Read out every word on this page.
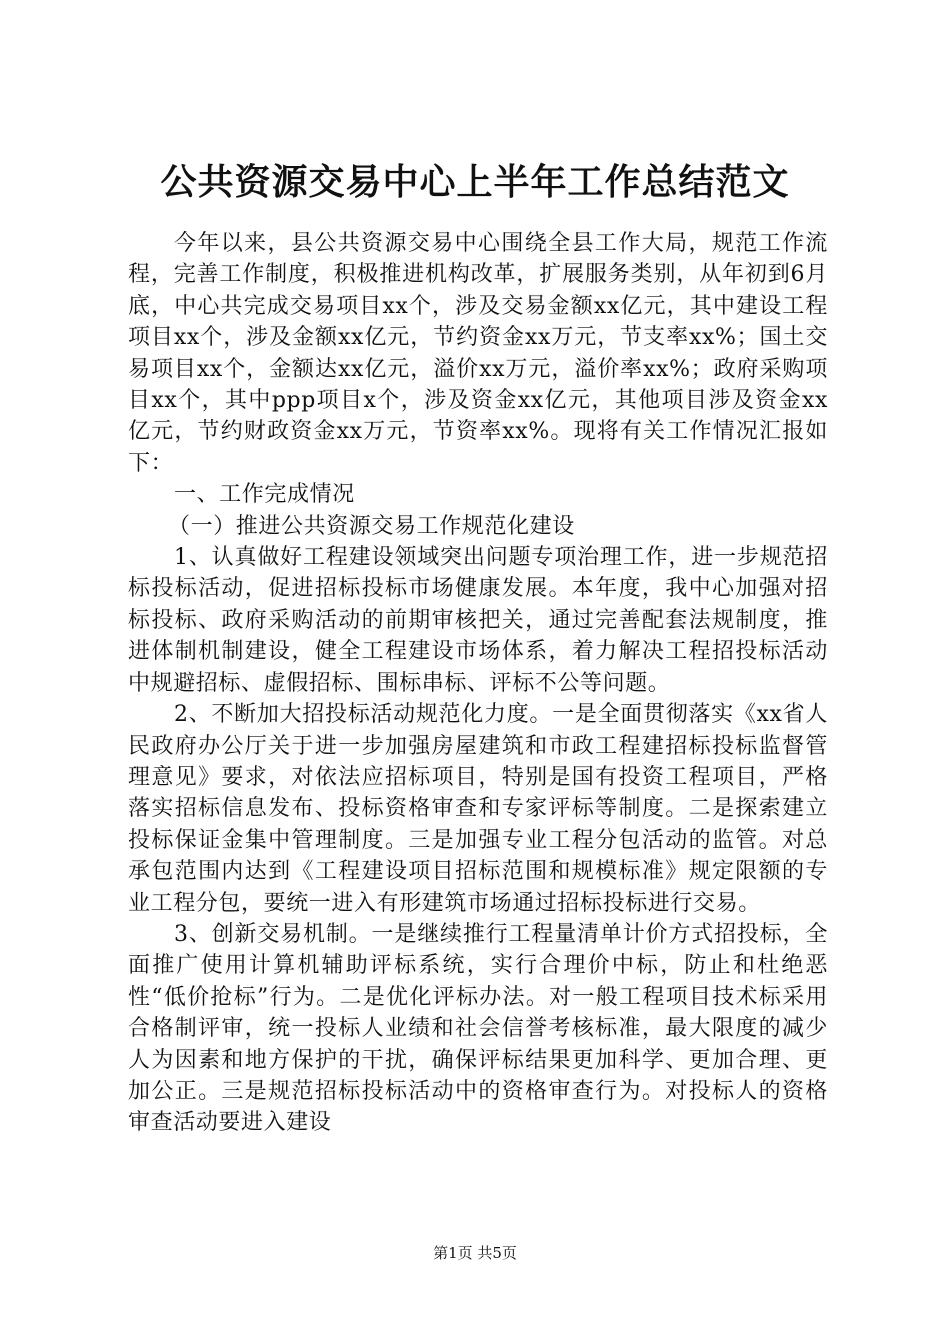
公共资源交易中心上半年工作总结范文

今年以来，县公共资源交易中心围绕全县工作大局，规范工作流程，完善工作制度，积极推进机构改革，扩展服务类别，从年初到6月底，中心共完成交易项目xx个，涉及交易金额xx亿元，其中建设工程项目xx个，涉及金额xx亿元，节约资金xx万元，节支率xx%；国土交易项目xx个，金额达xx亿元，溢价xx万元，溢价率xx%；政府采购项目xx个，其中ppp项目x个，涉及资金xx亿元，其他项目涉及资金xx亿元，节约财政资金xx万元，节资率xx%。现将有关工作情况汇报如下：

一、工作完成情况

（一）推进公共资源交易工作规范化建设

1、认真做好工程建设领域突出问题专项治理工作，进一步规范招标投标活动，促进招标投标市场健康发展。本年度，我中心加强对招标投标、政府采购活动的前期审核把关，通过完善配套法规制度，推进体制机制建设，健全工程建设市场体系，着力解决工程招投标活动中规避招标、虚假招标、围标串标、评标不公等问题。

2、不断加大招投标活动规范化力度。一是全面贯彻落实《xx省人民政府办公厅关于进一步加强房屋建筑和市政工程建招标投标监督管理意见》要求，对依法应招标项目，特别是国有投资工程项目，严格落实招标信息发布、投标资格审查和专家评标等制度。二是探索建立投标保证金集中管理制度。三是加强专业工程分包活动的监管。对总承包范围内达到《工程建设项目招标范围和规模标准》规定限额的专业工程分包，要统一进入有形建筑市场通过招标投标进行交易。

3、创新交易机制。一是继续推行工程量清单计价方式招投标，全面推广使用计算机辅助评标系统，实行合理价中标，防止和杜绝恶性“低价抢标”行为。二是优化评标办法。对一般工程项目技术标采用合格制评审，统一投标人业绩和社会信誉考核标准，最大限度的减少人为因素和地方保护的干扰，确保评标结果更加科学、更加合理、更加公正。三是规范招标投标活动中的资格审查行为。对投标人的资格审查活动要进入建设

第1页 共5页
